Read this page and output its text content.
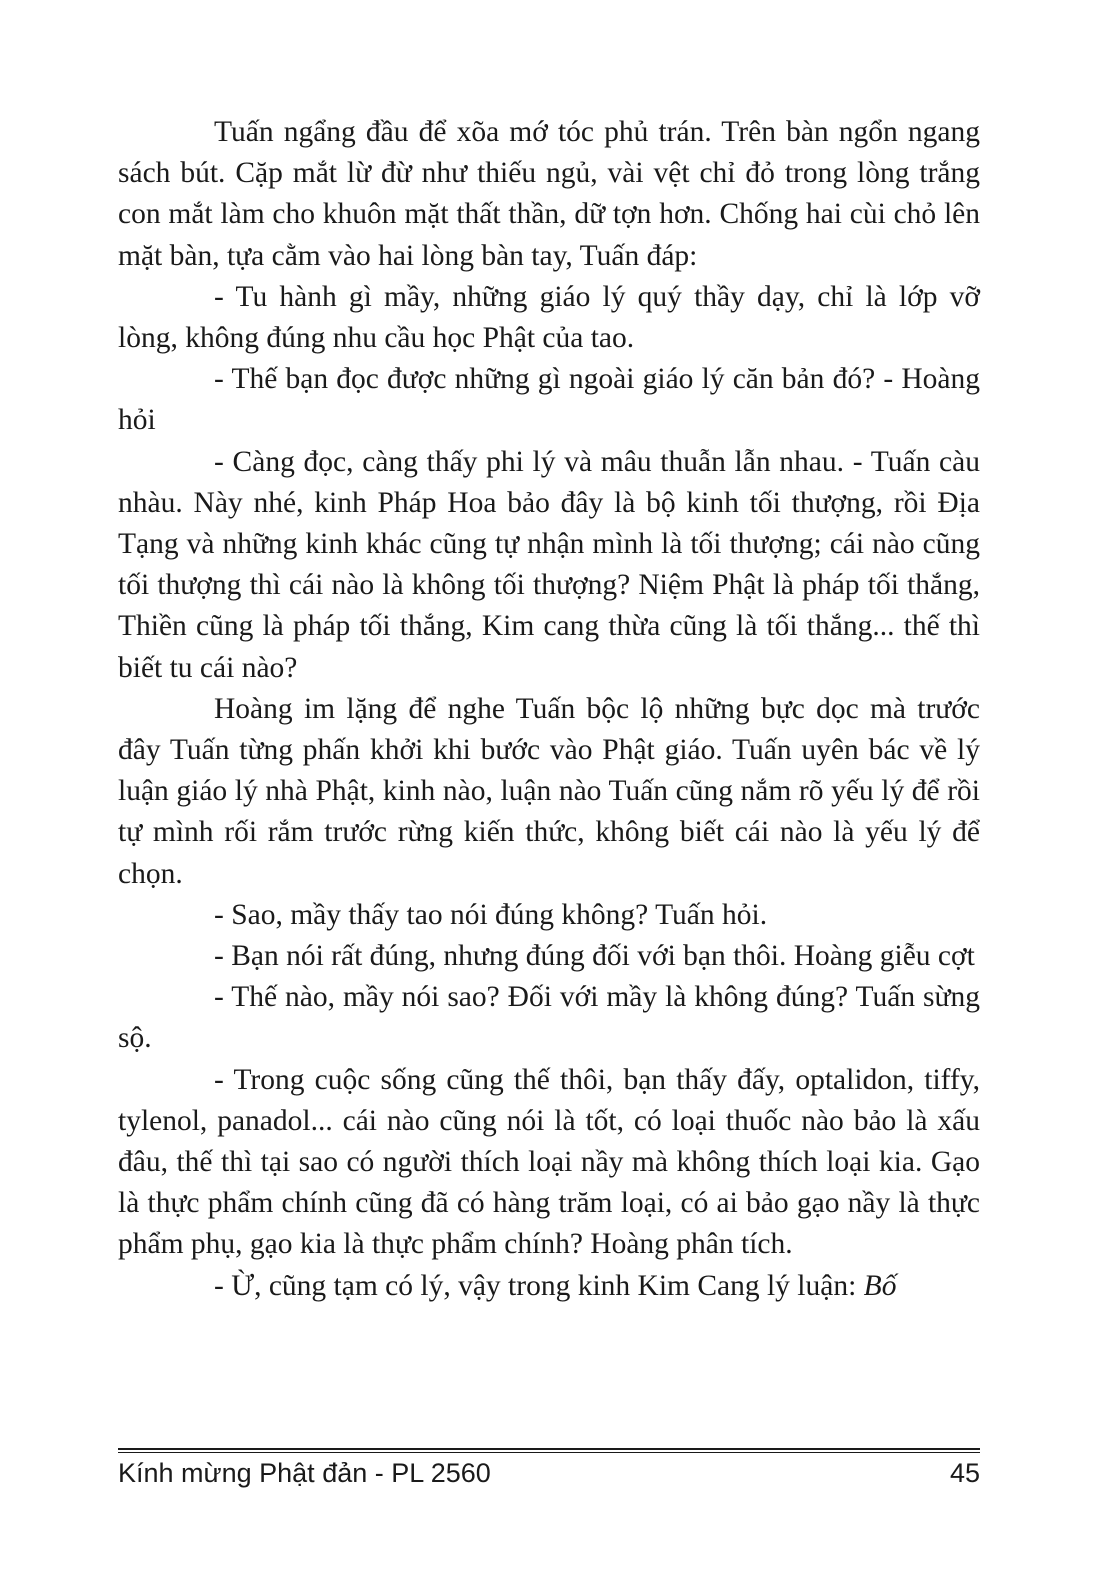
Tuấn ngẩng đầu để xõa mớ tóc phủ trán. Trên bàn ngổn ngang sách bút. Cặp mắt lừ đừ như thiếu ngủ, vài vệt chỉ đỏ trong lòng trắng con mắt làm cho khuôn mặt thất thần, dữ tợn hơn. Chống hai cùi chỏ lên mặt bàn, tựa cằm vào hai lòng bàn tay, Tuấn đáp:

- Tu hành gì mầy, những giáo lý quý thầy dạy, chỉ là lớp vỡ lòng, không đúng nhu cầu học Phật của tao.

- Thế bạn đọc được những gì ngoài giáo lý căn bản đó? - Hoàng hỏi

- Càng đọc, càng thấy phi lý và mâu thuẫn lẫn nhau. - Tuấn càu nhàu. Này nhé, kinh Pháp Hoa bảo đây là bộ kinh tối thượng, rồi Địa Tạng và những kinh khác cũng tự nhận mình là tối thượng; cái nào cũng tối thượng thì cái nào là không tối thượng? Niệm Phật là pháp tối thắng, Thiền cũng là pháp tối thắng, Kim cang thừa cũng là tối thắng... thế thì biết tu cái nào?

Hoàng im lặng để nghe Tuấn bộc lộ những bực dọc mà trước đây Tuấn từng phấn khởi khi bước vào Phật giáo. Tuấn uyên bác về lý luận giáo lý nhà Phật, kinh nào, luận nào Tuấn cũng nắm rõ yếu lý để rồi tự mình rối rắm trước rừng kiến thức, không biết cái nào là yếu lý để chọn.

- Sao, mầy thấy tao nói đúng không? Tuấn hỏi.

- Bạn nói rất đúng, nhưng đúng đối với bạn thôi. Hoàng giễu cợt

- Thế nào, mầy nói sao? Đối với mầy là không đúng? Tuấn sừng sộ.

- Trong cuộc sống cũng thế thôi, bạn thấy đấy, optalidon, tiffy, tylenol, panadol... cái nào cũng nói là tốt, có loại thuốc nào bảo là xấu đâu, thế thì tại sao có người thích loại nầy mà không thích loại kia. Gạo là thực phẩm chính cũng đã có hàng trăm loại, có ai bảo gạo nầy là thực phẩm phụ, gạo kia là thực phẩm chính? Hoàng phân tích.

- Ừ, cũng tạm có lý, vậy trong kinh Kim Cang lý luận: Bố

Kính mừng Phật đản - PL 2560	45
